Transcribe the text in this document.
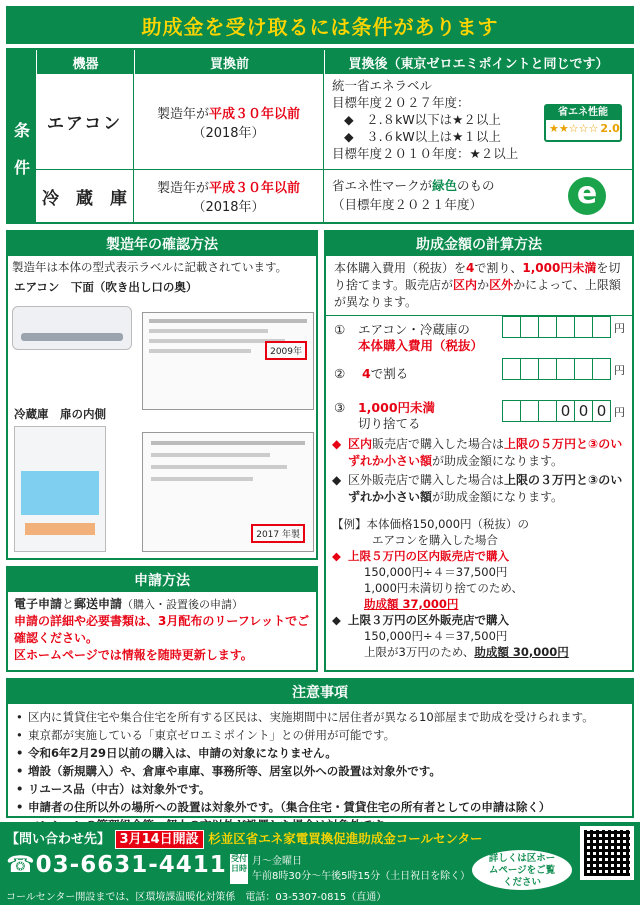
助成金を受け取るには条件があります
機器	買換前	買換後（東京ゼロエミポイントと同じです）
条
件
エアコン	製造年が平成３０年以前
（2018年）
統一省エネラベル
目標年度２０２７年度：
◆　２.８kW以下は★２以上
◆　３.６kW以上は★１以上
目標年度２０１０年度：★２以上
省エネ性能
★★☆☆☆ 2.0
冷　蔵　庫	製造年が平成３０年以前
（2018年）
省エネ性マークが緑色のもの
（目標年度２０２１年度）	e
製造年の確認方法
製造年は本体の型式表示ラベルに記載されています。
エアコン　下面（吹き出し口の奥）
2009年
冷蔵庫　扉の内側
2017 年製
申請方法
電子申請と郵送申請（購入・設置後の申請）
申請の詳細や必要書類は、3月配布のリーフレットでご確認ください。
区ホームページでは情報を随時更新します。
助成金額の計算方法
本体購入費用（税抜）を4で割り、1,000円未満を切り捨てます。販売店が区内か区外かによって、上限額が異なります。
① エアコン・冷蔵庫の
本体購入費用（税抜）
円
② 4で割る	円
③ 1,000円未満
切り捨てる
0 0 0 円
◆ 区内販売店で購入した場合は上限の５万円と③のいずれか小さい額が助成金額になります。
◆ 区外販売店で購入した場合は上限の３万円と③のいずれか小さい額が助成金額になります。
【例】本体価格150,000円（税抜）の
エアコンを購入した場合
◆ 上限５万円の区内販売店で購入
150,000円÷４＝37,500円
1,000円未満切り捨てのため、
助成額 37,000円
◆ 上限３万円の区外販売店で購入
150,000円÷４＝37,500円
上限が3万円のため、助成額 30,000円
注意事項
• 区内に賃貸住宅や集合住宅を所有する区民は、実施期間中に居住者が異なる10部屋まで助成を受けられます。
• 東京都が実施している「東京ゼロエミポイント」との併用が可能です。
• 令和6年2月29日以前の購入は、申請の対象になりません。
• 増設（新規購入）や、倉庫や車庫、事務所等、居室以外への設置は対象外です。
• リユース品（中古）は対象外です。
• 申請者の住所以外の場所への設置は対象外です。（集合住宅・賃貸住宅の所有者としての申請は除く）
•
【問い合わせ先】 3月14日開設 杉並区省エネ家電買換促進助成金コールセンター
☎03-6631-4411 受付日時
月～金曜日
午前8時30分～午後5時15分（土日祝日を除く）
詳しくは区ホームページをご覧ください
コールセンター開設までは、区環境課温暖化対策係　電話：03-5307-0815（直通）
